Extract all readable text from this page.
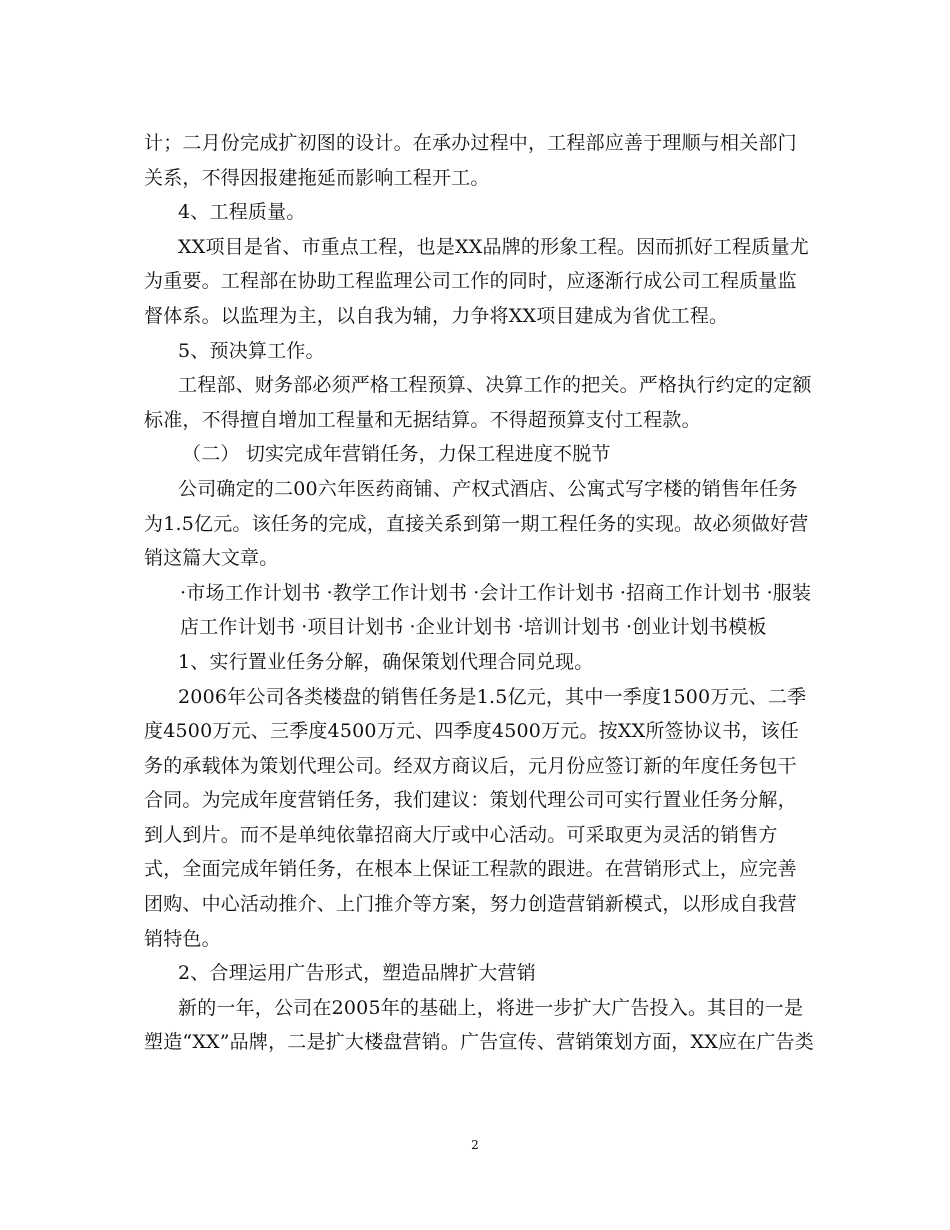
计；二月份完成扩初图的设计。在承办过程中，工程部应善于理顺与相关部门关系，不得因报建拖延而影响工程开工。

4、工程质量。

XX项目是省、市重点工程，也是XX品牌的形象工程。因而抓好工程质量尤为重要。工程部在协助工程监理公司工作的同时，应逐渐行成公司工程质量监督体系。以监理为主，以自我为辅，力争将XX项目建成为省优工程。

5、预决算工作。

工程部、财务部必须严格工程预算、决算工作的把关。严格执行约定的定额标准，不得擅自增加工程量和无据结算。不得超预算支付工程款。

（二） 切实完成年营销任务，力保工程进度不脱节

公司确定的二00六年医药商铺、产权式酒店、公寓式写字楼的销售年任务为1.5亿元。该任务的完成，直接关系到第一期工程任务的实现。故必须做好营销这篇大文章。

·市场工作计划书 ·教学工作计划书 ·会计工作计划书 ·招商工作计划书 ·服装店工作计划书 ·项目计划书 ·企业计划书 ·培训计划书 ·创业计划书模板

1、实行置业任务分解，确保策划代理合同兑现。

2006年公司各类楼盘的销售任务是1.5亿元，其中一季度1500万元、二季度4500万元、三季度4500万元、四季度4500万元。按XX所签协议书，该任务的承载体为策划代理公司。经双方商议后，元月份应签订新的年度任务包干合同。为完成年度营销任务，我们建议：策划代理公司可实行置业任务分解，到人到片。而不是单纯依靠招商大厅或中心活动。可采取更为灵活的销售方式，全面完成年销任务，在根本上保证工程款的跟进。在营销形式上，应完善团购、中心活动推介、上门推介等方案，努力创造营销新模式，以形成自我营销特色。

2、合理运用广告形式，塑造品牌扩大营销

新的一年，公司在2005年的基础上，将进一步扩大广告投入。其目的一是塑造“XX”品牌，二是扩大楼盘营销。广告宣传、营销策划方面，XX应在广告类

2
